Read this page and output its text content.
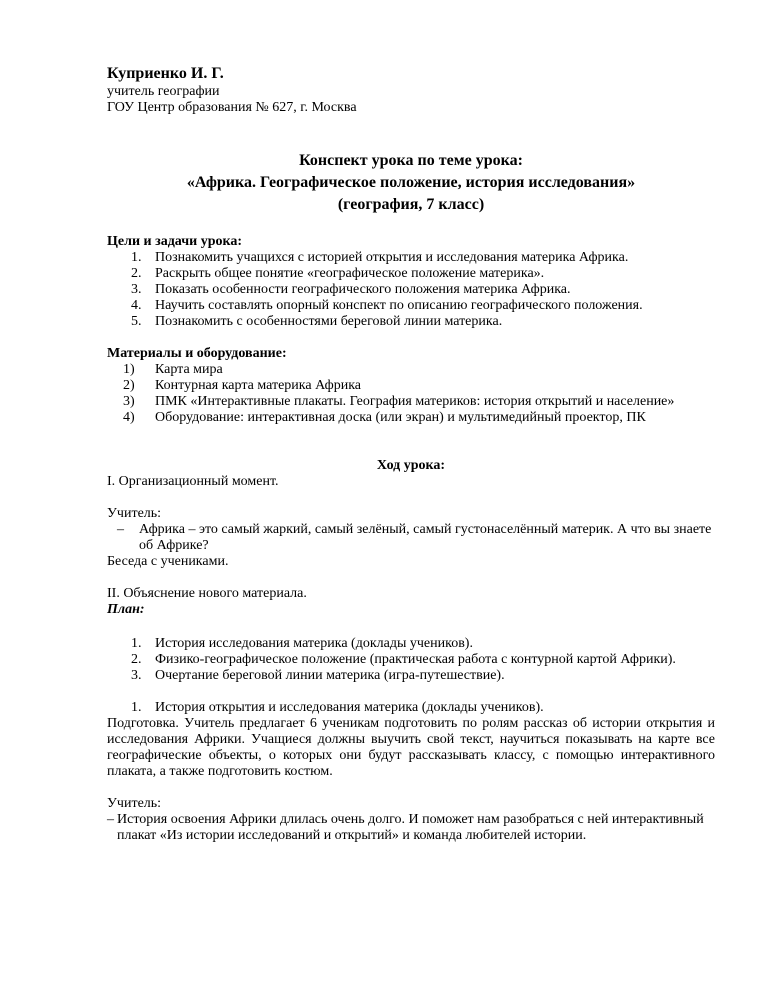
Куприенко И. Г.
учитель географии
ГОУ Центр образования № 627, г. Москва
Конспект урока по теме урока:
«Африка. Географическое положение, история исследования»
(география, 7 класс)
Цели и задачи урока:
1. Познакомить учащихся с историей открытия и исследования материка Африка.
2. Раскрыть общее понятие «географическое положение материка».
3. Показать особенности географического положения материка Африка.
4. Научить составлять опорный конспект по описанию географического положения.
5. Познакомить с особенностями береговой линии материка.
Материалы и оборудование:
1) Карта мира
2) Контурная карта материка Африка
3) ПМК «Интерактивные плакаты. География материков: история открытий и население»
4) Оборудование: интерактивная доска (или экран) и мультимедийный проектор, ПК
Ход урока:
I. Организационный момент.
Учитель:
– Африка – это самый жаркий, самый зелёный, самый густонаселённый материк. А что вы знаете об Африке?
Беседа с учениками.
II. Объяснение нового материала.
План:
1. История исследования материка (доклады учеников).
2. Физико-географическое положение (практическая работа с контурной картой Африки).
3. Очертание береговой линии материка (игра-путешествие).
1. История открытия и исследования материка (доклады учеников).
Подготовка. Учитель предлагает 6 ученикам подготовить по ролям рассказ об истории открытия и исследования Африки. Учащиеся должны выучить свой текст, научиться показывать на карте все географические объекты, о которых они будут рассказывать классу, с помощью интерактивного плаката, а также подготовить костюм.
Учитель:
– История освоения Африки длилась очень долго. И поможет нам разобраться с ней интерактивный плакат «Из истории исследований и открытий» и команда любителей истории.
